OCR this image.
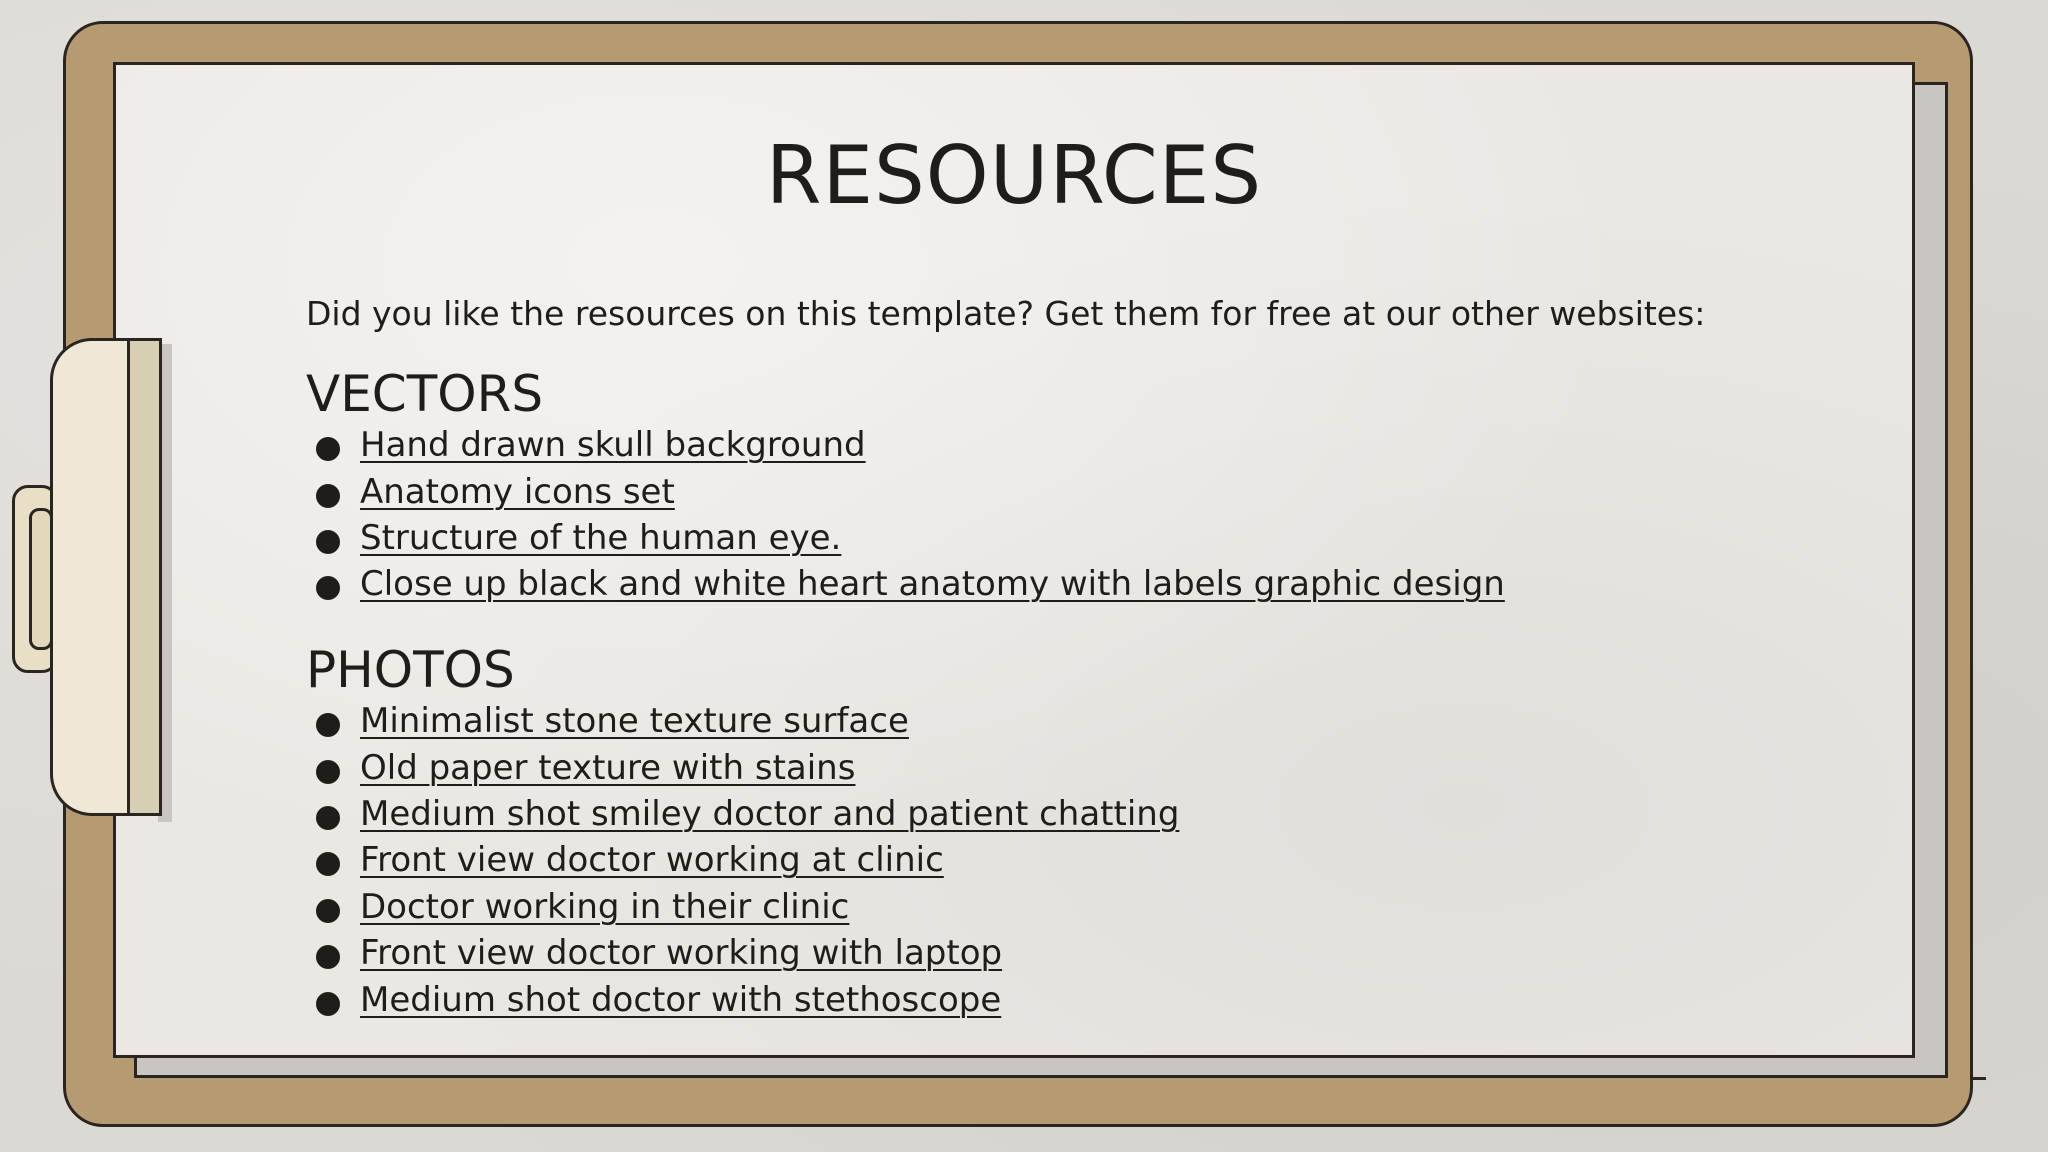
RESOURCES
Did you like the resources on this template? Get them for free at our other websites:
VECTORS
Hand drawn skull background
Anatomy icons set
Structure of the human eye.
Close up black and white heart anatomy with labels graphic design
PHOTOS
Minimalist stone texture surface
Old paper texture with stains
Medium shot smiley doctor and patient chatting
Front view doctor working at clinic
Doctor working in their clinic
Front view doctor working with laptop
Medium shot doctor with stethoscope
